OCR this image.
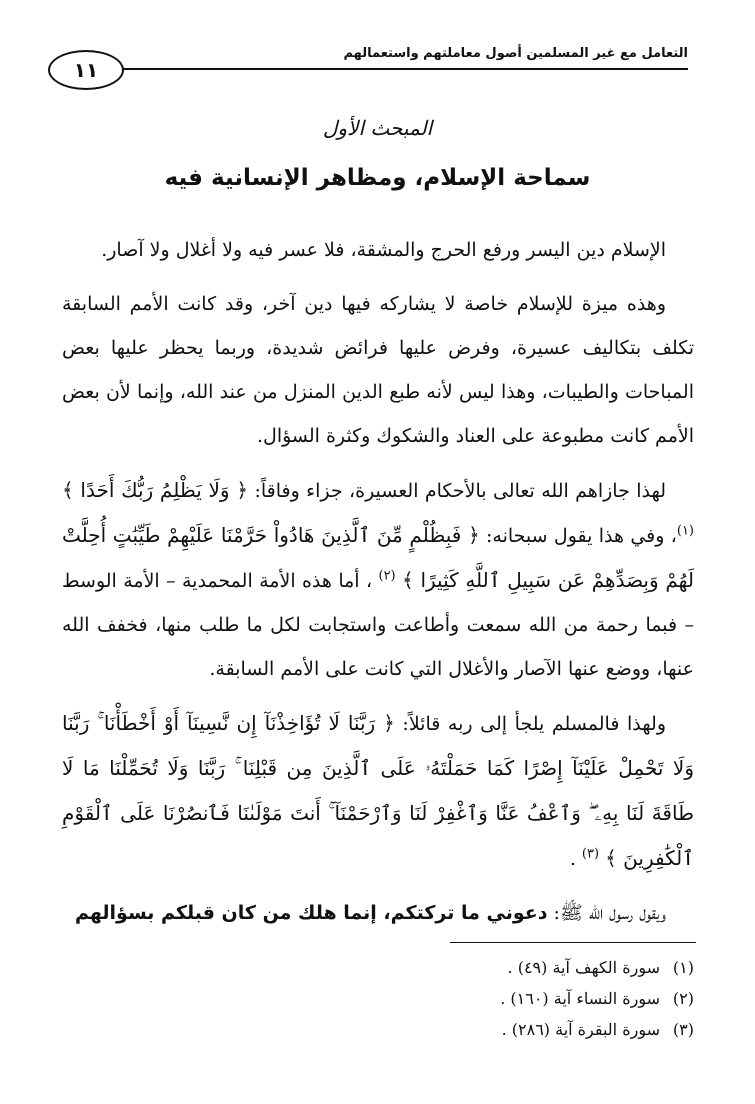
التعامل مع غير المسلمين أصول معاملتهم واستعمالهم
١١
المبحث الأول
سماحة الإسلام، ومظاهر الإنسانية فيه

الإسلام دين اليسر ورفع الحرج والمشقة، فلا عسر فيه ولا أغلال ولا آصار.

وهذه ميزة للإسلام خاصة لا يشاركه فيها دين آخر، وقد كانت الأمم السابقة تكلف بتكاليف عسيرة، وفرض عليها فرائض شديدة، وربما يحظر عليها بعض المباحات والطيبات، وهذا ليس لأنه طبع الدين المنزل من عند الله، وإنما لأن بعض الأمم كانت مطبوعة على العناد والشكوك وكثرة السؤال.

لهذا جازاهم الله تعالى بالأحكام العسيرة، جزاء وفاقاً: ﴿ وَلَا يَظْلِمُ رَبُّكَ أَحَدًا ﴾ $^{(١)}$، وفي هذا يقول سبحانه: ﴿ فَبِظُلْمٍ مِّنَ ٱلَّذِينَ هَادُواْ حَرَّمْنَا عَلَيْهِمْ طَيِّبَٰتٍ أُحِلَّتْ لَهُمْ وَبِصَدِّهِمْ عَن سَبِيلِ ٱللَّهِ كَثِيرًا ﴾ $^{(٢)}$ ، أما هذه الأمة المحمدية – الأمة الوسط – فبما رحمة من الله سمعت وأطاعت واستجابت لكل ما طلب منها، فخفف الله عنها، ووضع عنها الآصار والأغلال التي كانت على الأمم السابقة.

ولهذا فالمسلم يلجأ إلى ربه قائلاً: ﴿ رَبَّنَا لَا تُؤَاخِذْنَآ إِن نَّسِينَآ أَوْ أَخْطَأْنَا ۚ رَبَّنَا وَلَا تَحْمِلْ عَلَيْنَآ إِصْرًا كَمَا حَمَلْتَهُۥ عَلَى ٱلَّذِينَ مِن قَبْلِنَا ۚ رَبَّنَا وَلَا تُحَمِّلْنَا مَا لَا طَاقَةَ لَنَا بِهِۦ ۖ وَٱعْفُ عَنَّا وَٱغْفِرْ لَنَا وَٱرْحَمْنَآ ۚ أَنتَ مَوْلَىٰنَا فَٱنصُرْنَا عَلَى ٱلْقَوْمِ ٱلْكَٰفِرِينَ ﴾ $^{(٣)}$ .

ويقول رسول الله ﷺ: دعوني ما تركتكم، إنما هلك من كان قبلكم بسؤالهم

(١)سورة الكهف آية (٤٩) .
(٢)سورة النساء آية (١٦٠) .
(٣)سورة البقرة آية (٢٨٦) .
